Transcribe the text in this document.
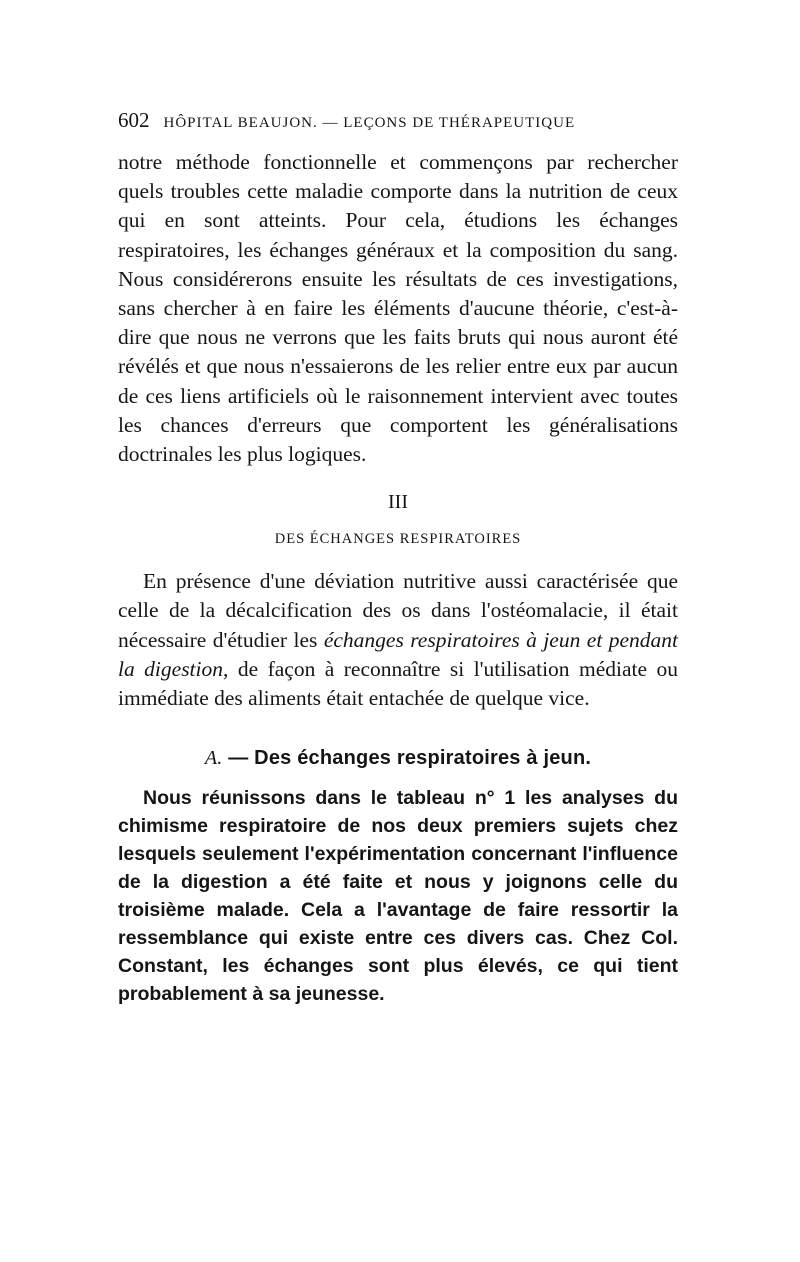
602 HÔPITAL BEAUJON. — LEÇONS DE THÉRAPEUTIQUE

notre méthode fonctionnelle et commençons par rechercher quels troubles cette maladie comporte dans la nutrition de ceux qui en sont atteints. Pour cela, étudions les échanges respiratoires, les échanges généraux et la composition du sang. Nous considérerons ensuite les résultats de ces investigations, sans chercher à en faire les éléments d'aucune théorie, c'est-à-dire que nous ne verrons que les faits bruts qui nous auront été révélés et que nous n'essaierons de les relier entre eux par aucun de ces liens artificiels où le raisonnement intervient avec toutes les chances d'erreurs que comportent les généralisations doctrinales les plus logiques.

III
DES ÉCHANGES RESPIRATOIRES

En présence d'une déviation nutritive aussi caractérisée que celle de la décalcification des os dans l'ostéomalacie, il était nécessaire d'étudier les échanges respiratoires à jeun et pendant la digestion, de façon à reconnaître si l'utilisation médiate ou immédiate des aliments était entachée de quelque vice.

A. — Des échanges respiratoires à jeun.

Nous réunissons dans le tableau n° 1 les analyses du chimisme respiratoire de nos deux premiers sujets chez lesquels seulement l'expérimentation concernant l'influence de la digestion a été faite et nous y joignons celle du troisième malade. Cela a l'avantage de faire ressortir la ressemblance qui existe entre ces divers cas. Chez Col. Constant, les échanges sont plus élevés, ce qui tient probablement à sa jeunesse.
